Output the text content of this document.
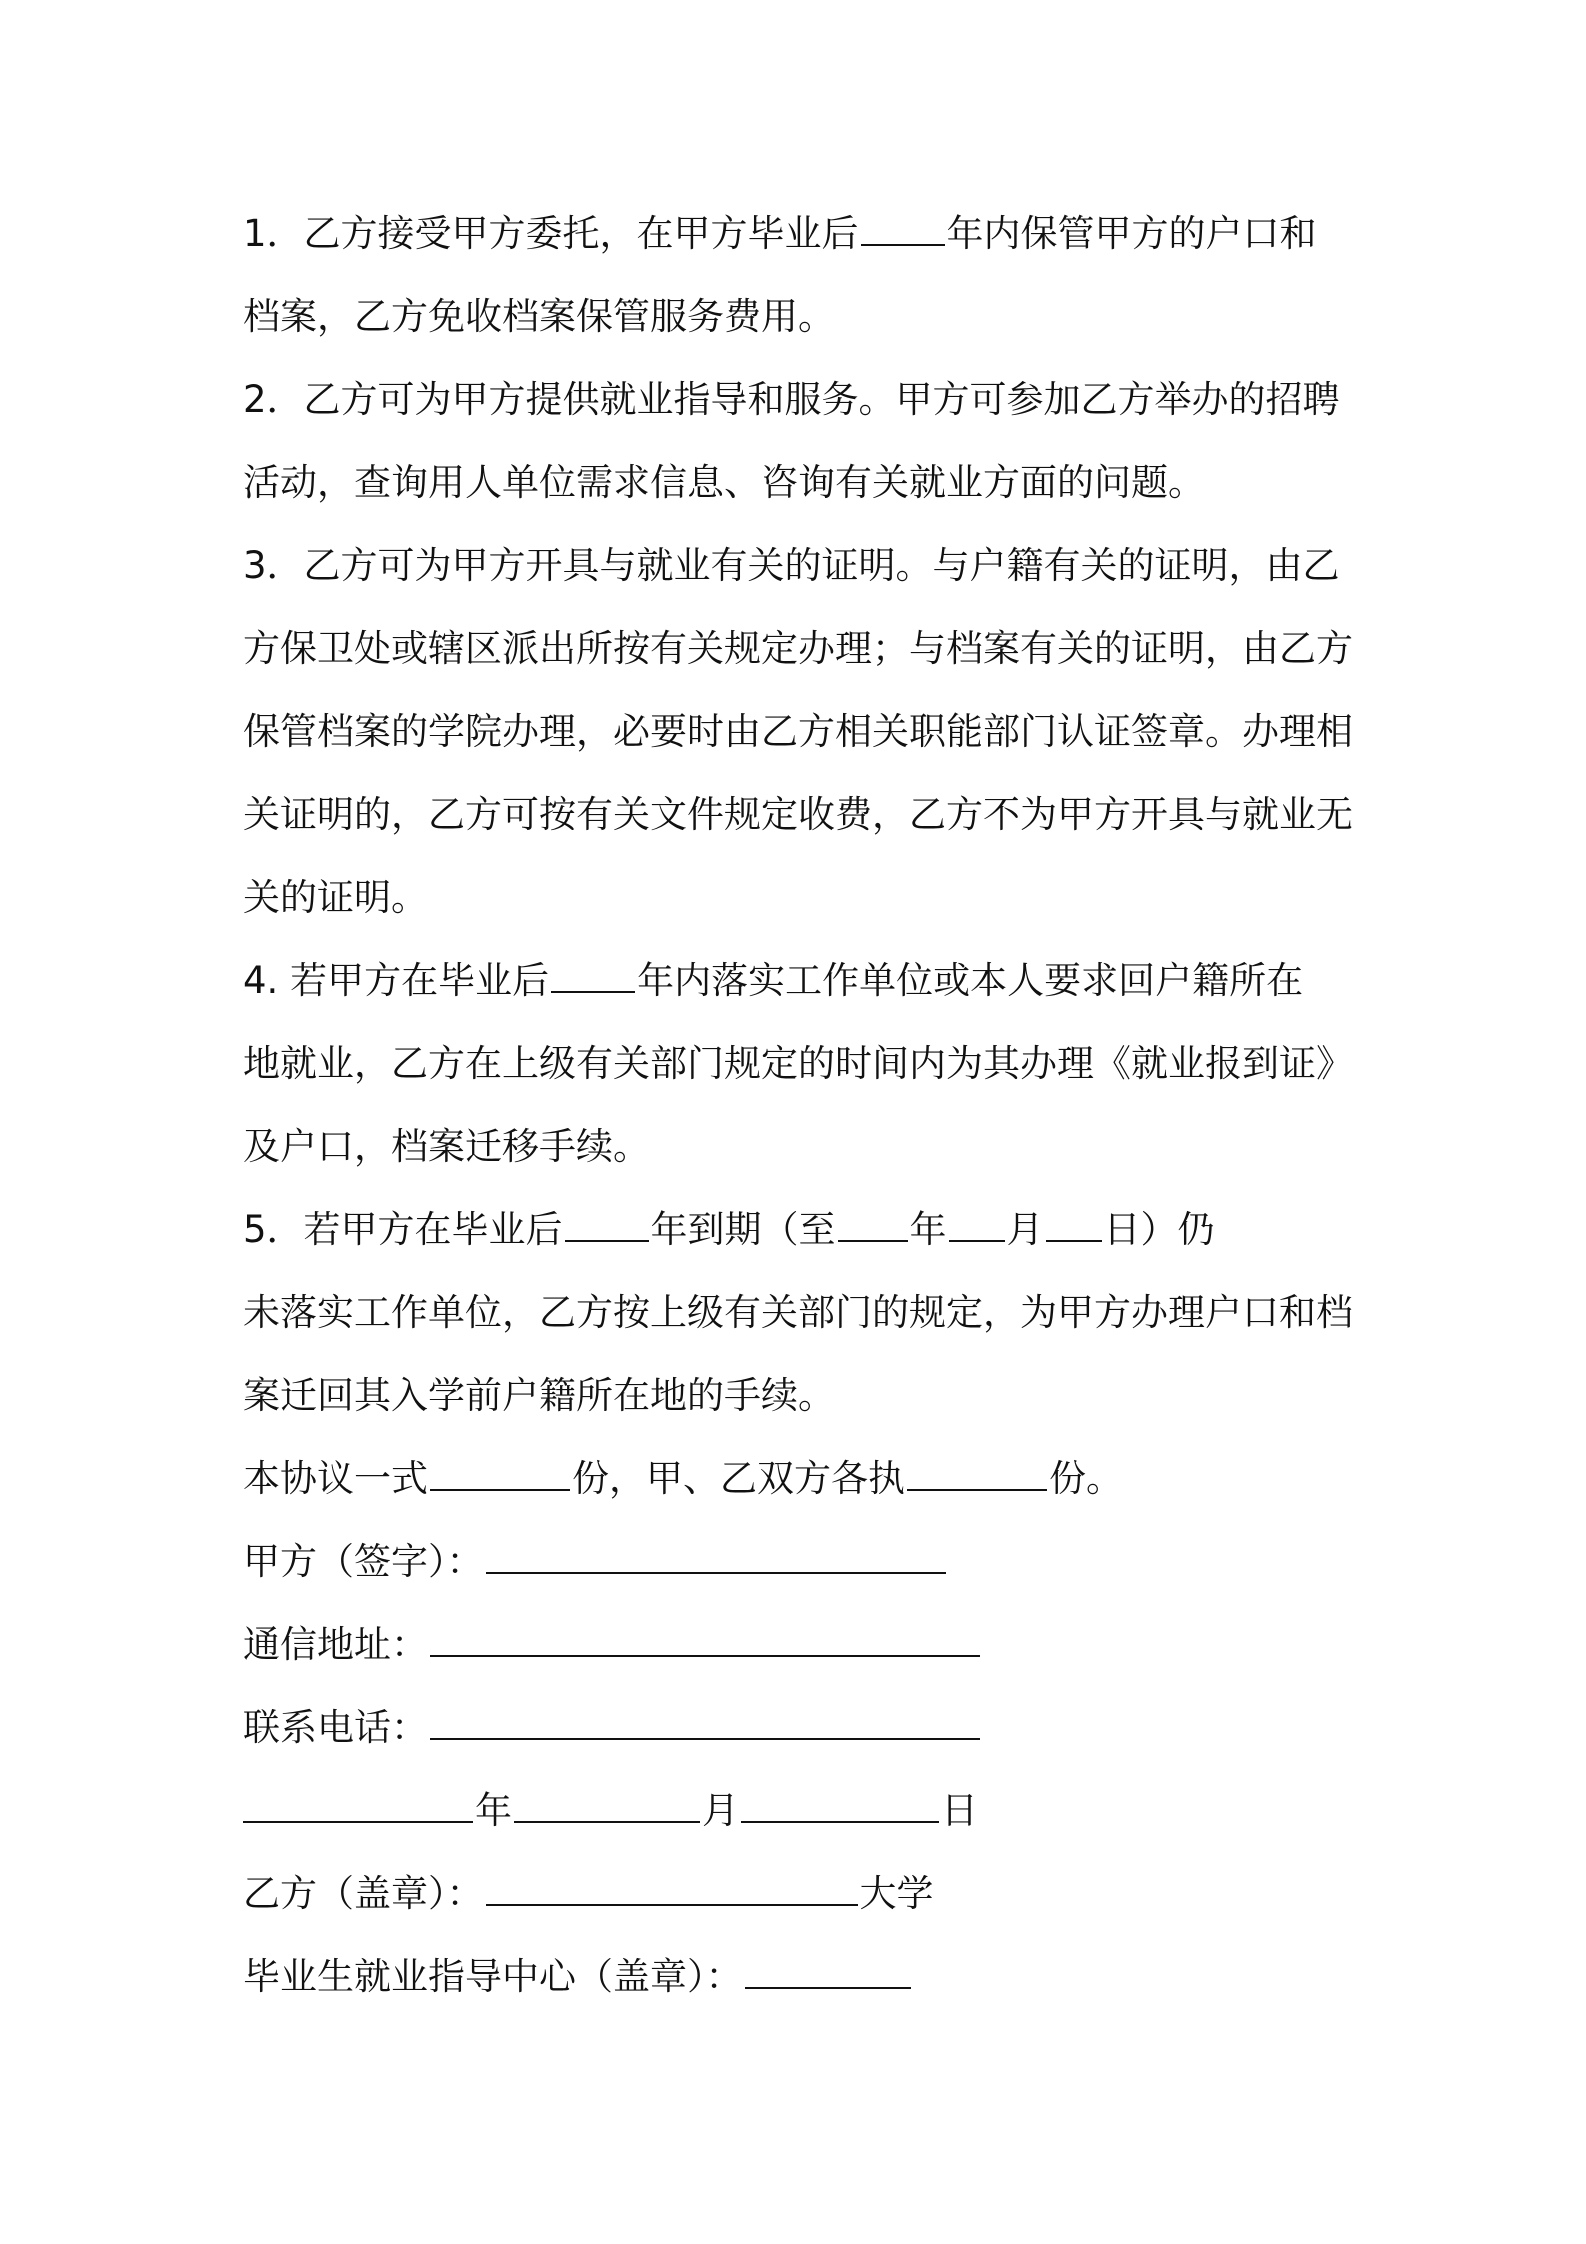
1．乙方接受甲方委托，在甲方毕业后 年内保管甲方的户口和
档案，乙方免收档案保管服务费用。
2．乙方可为甲方提供就业指导和服务。甲方可参加乙方举办的招聘
活动，查询用人单位需求信息、咨询有关就业方面的问题。
3．乙方可为甲方开具与就业有关的证明。与户籍有关的证明，由乙
方保卫处或辖区派出所按有关规定办理；与档案有关的证明，由乙方
保管档案的学院办理，必要时由乙方相关职能部门认证签章。办理相
关证明的，乙方可按有关文件规定收费，乙方不为甲方开具与就业无
关的证明。
4. 若甲方在毕业后 年内落实工作单位或本人要求回户籍所在
地就业，乙方在上级有关部门规定的时间内为其办理《就业报到证》
及户口，档案迁移手续。
5．若甲方在毕业后 年到期（至 年 月 日）仍
未落实工作单位，乙方按上级有关部门的规定，为甲方办理户口和档
案迁回其入学前户籍所在地的手续。
本协议一式	份，甲、乙双方各执	份。
甲方（签字）：
通信地址：
联系电话：
年	月	日
乙方（盖章）：	大学
毕业生就业指导中心（盖章）：
